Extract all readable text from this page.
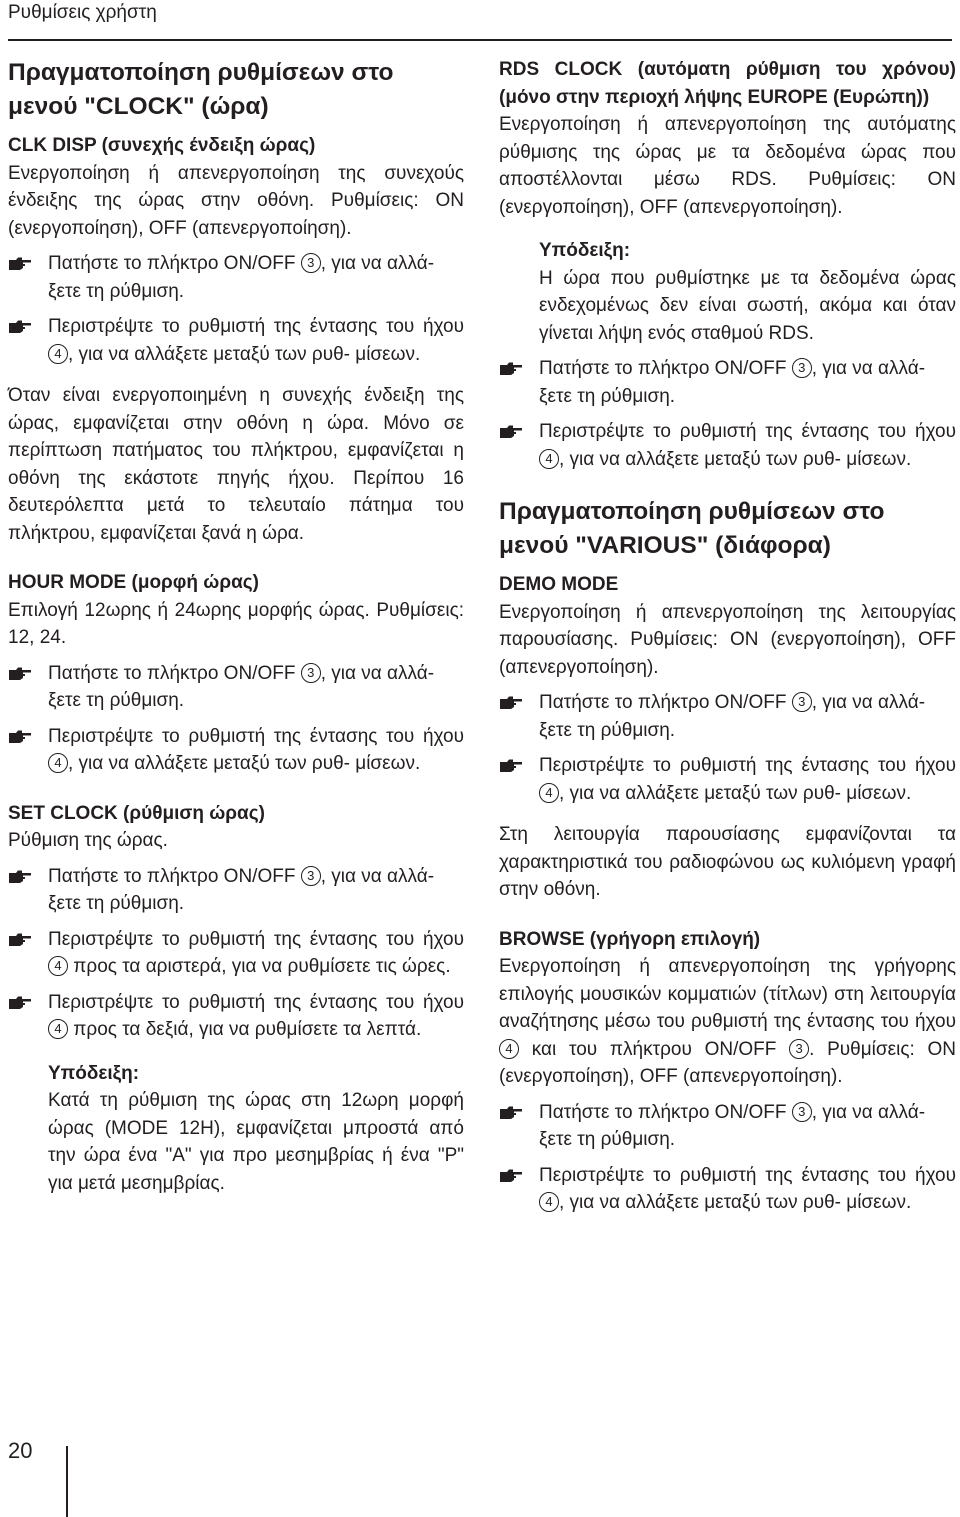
Ρυθμίσεις χρήστη
Πραγματοποίηση ρυθμίσεων στο μενού "CLOCK" (ώρα)

CLK DISP (συνεχής ένδειξη ώρας)

Ενεργοποίηση ή απενεργοποίηση της συνεχούς ένδειξης της ώρας στην οθόνη. Ρυθμίσεις: ON (ενεργοποίηση), OFF (απενεργοποίηση).

Πατήστε το πλήκτρο ON/OFF 3 , για να αλλά-
ξετε τη ρύθμιση.

Περιστρέψτε το ρυθμιστή της έντασης του ήχου 4 , για να αλλάξετε μεταξύ των ρυθ- μίσεων.

Όταν είναι ενεργοποιημένη η συνεχής ένδειξη της ώρας, εμφανίζεται στην οθόνη η ώρα. Μόνο σε περίπτωση πατήματος του πλήκτρου, εμφανίζεται η οθόνη της εκάστοτε πηγής ήχου. Περίπου 16 δευτερόλεπτα μετά το τελευταίο πάτημα του πλήκτρου, εμφανίζεται ξανά η ώρα.

HOUR MODE (μορφή ώρας)

Επιλογή 12ωρης ή 24ωρης μορφής ώρας. Ρυθμίσεις: 12, 24.

Πατήστε το πλήκτρο ON/OFF 3 , για να αλλά-
ξετε τη ρύθμιση.

Περιστρέψτε το ρυθμιστή της έντασης του ήχου 4 , για να αλλάξετε μεταξύ των ρυθ- μίσεων.

SET CLOCK (ρύθμιση ώρας)

Ρύθμιση της ώρας.

Πατήστε το πλήκτρο ON/OFF 3 , για να αλλά-
ξετε τη ρύθμιση.

Περιστρέψτε το ρυθμιστή της έντασης του ήχου 4 προς τα αριστερά, για να ρυθμίσετε τις ώρες.

Περιστρέψτε το ρυθμιστή της έντασης του ήχου 4 προς τα δεξιά, για να ρυθμίσετε τα λεπτά.

Υπόδειξη:

Κατά τη ρύθμιση της ώρας στη 12ωρη μορφή ώρας (MODE 12H), εμφανίζεται μπροστά από την ώρα ένα "A" για προ μεσημβρίας ή ένα "P" για μετά μεσημβρίας.

RDS CLOCK (αυτόματη ρύθμιση του χρόνου) (μόνο στην περιοχή λήψης EUROPE (Ευρώπη))

Ενεργοποίηση ή απενεργοποίηση της αυτόματης ρύθμισης της ώρας με τα δεδομένα ώρας που αποστέλλονται μέσω RDS. Ρυθμίσεις: ON (ενεργοποίηση), OFF (απενεργοποίηση).

Υπόδειξη:

Η ώρα που ρυθμίστηκε με τα δεδομένα ώρας ενδεχομένως δεν είναι σωστή, ακόμα και όταν γίνεται λήψη ενός σταθμού RDS.

Πατήστε το πλήκτρο ON/OFF 3 , για να αλλά-
ξετε τη ρύθμιση.

Περιστρέψτε το ρυθμιστή της έντασης του ήχου 4 , για να αλλάξετε μεταξύ των ρυθ- μίσεων.

Πραγματοποίηση ρυθμίσεων στο μενού "VARIOUS" (διάφορα)

DEMO MODE

Ενεργοποίηση ή απενεργοποίηση της λειτουργίας παρουσίασης. Ρυθμίσεις: ON (ενεργοποίηση), OFF (απενεργοποίηση).

Πατήστε το πλήκτρο ON/OFF 3 , για να αλλά-
ξετε τη ρύθμιση.

Περιστρέψτε το ρυθμιστή της έντασης του ήχου 4 , για να αλλάξετε μεταξύ των ρυθ- μίσεων.

Στη λειτουργία παρουσίασης εμφανίζονται τα χαρακτηριστικά του ραδιοφώνου ως κυλιόμενη γραφή στην οθόνη.

BROWSE (γρήγορη επιλογή)

Ενεργοποίηση ή απενεργοποίηση της γρήγορης επιλογής μουσικών κομματιών (τίτλων) στη λειτουργία αναζήτησης μέσω του ρυθμιστή της έντασης του ήχου 4 και του πλήκτρου ON/OFF 3 . Ρυθμίσεις: ON (ενεργοποίηση), OFF (απενεργοποίηση).

Πατήστε το πλήκτρο ON/OFF 3 , για να αλλά-
ξετε τη ρύθμιση.

Περιστρέψτε το ρυθμιστή της έντασης του ήχου 4 , για να αλλάξετε μεταξύ των ρυθ- μίσεων.

20
